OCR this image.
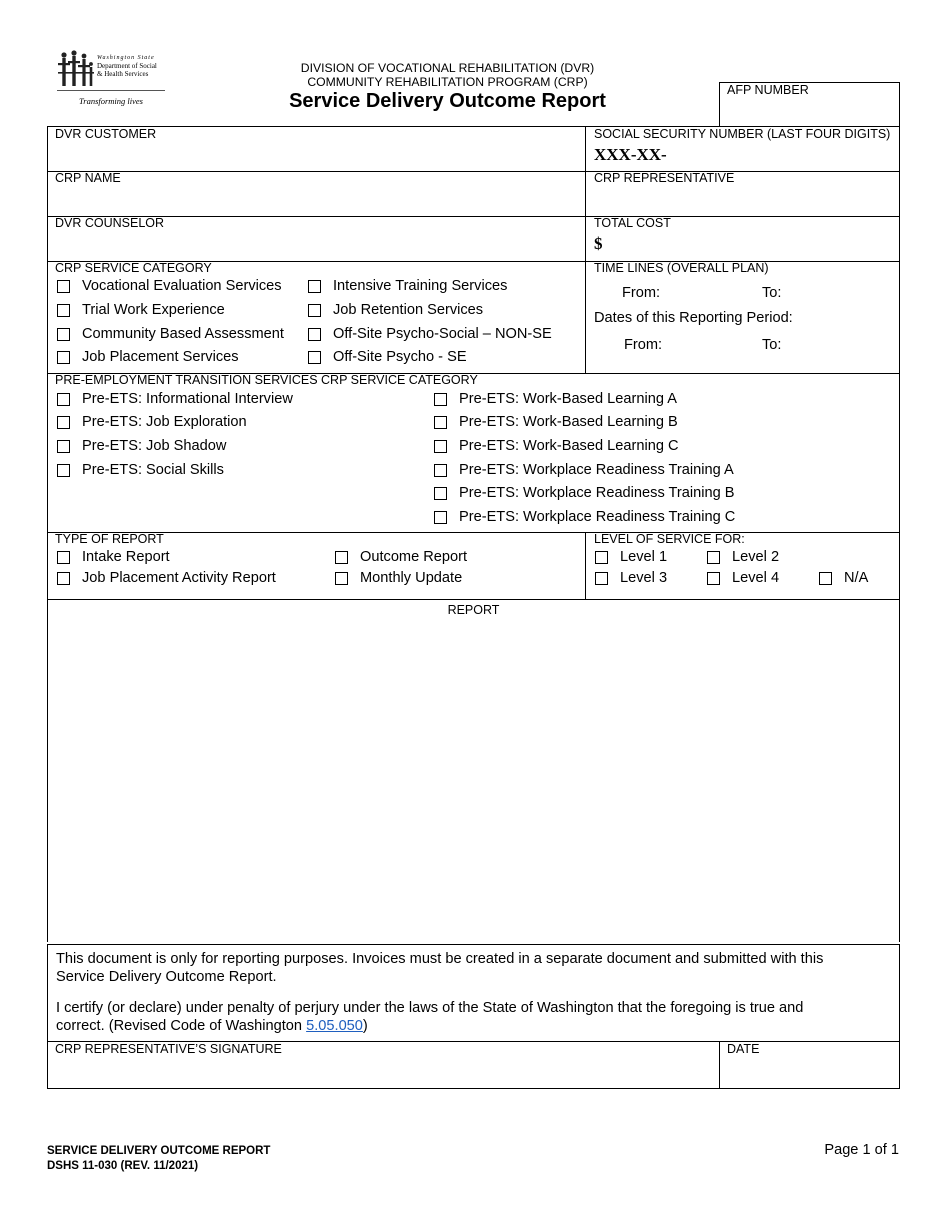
Washington State
Department of Social
& Health Services
Transforming lives
DIVISION OF VOCATIONAL REHABILITATION (DVR)
COMMUNITY REHABILITATION PROGRAM (CRP)
Service Delivery Outcome Report	AFP NUMBER
DVR CUSTOMER	SOCIAL SECURITY NUMBER (LAST FOUR DIGITS)
XXX-XX-
CRP NAME	CRP REPRESENTATIVE
DVR COUNSELOR	TOTAL COST
$
CRP SERVICE CATEGORY
Vocational Evaluation Services
Trial Work Experience
Community Based Assessment
Job Placement Services
Intensive Training Services
Job Retention Services
Off-Site Psycho-Social – NON-SE
Off-Site Psycho - SE
TIME LINES (OVERALL PLAN)
From:	To:
Dates of this Reporting Period:
From:	To:
PRE-EMPLOYMENT TRANSITION SERVICES CRP SERVICE CATEGORY
Pre-ETS: Informational Interview
Pre-ETS: Job Exploration
Pre-ETS: Job Shadow
Pre-ETS: Social Skills
Pre-ETS: Work-Based Learning A
Pre-ETS: Work-Based Learning B
Pre-ETS: Work-Based Learning C
Pre-ETS: Workplace Readiness Training A
Pre-ETS: Workplace Readiness Training B
Pre-ETS: Workplace Readiness Training C
TYPE OF REPORT
Intake Report	Outcome Report
Job Placement Activity Report	Monthly Update
LEVEL OF SERVICE FOR:
Level 1	Level 2
Level 3	Level 4	N/A
REPORT
This document is only for reporting purposes. Invoices must be created in a separate document and submitted with this
Service Delivery Outcome Report.
I certify (or declare) under penalty of perjury under the laws of the State of Washington that the foregoing is true and
correct. (Revised Code of Washington 5.05.050)
CRP REPRESENTATIVE’S SIGNATURE	DATE
SERVICE DELIVERY OUTCOME REPORT
DSHS 11-030 (REV. 11/2021)
Page 1 of 1
